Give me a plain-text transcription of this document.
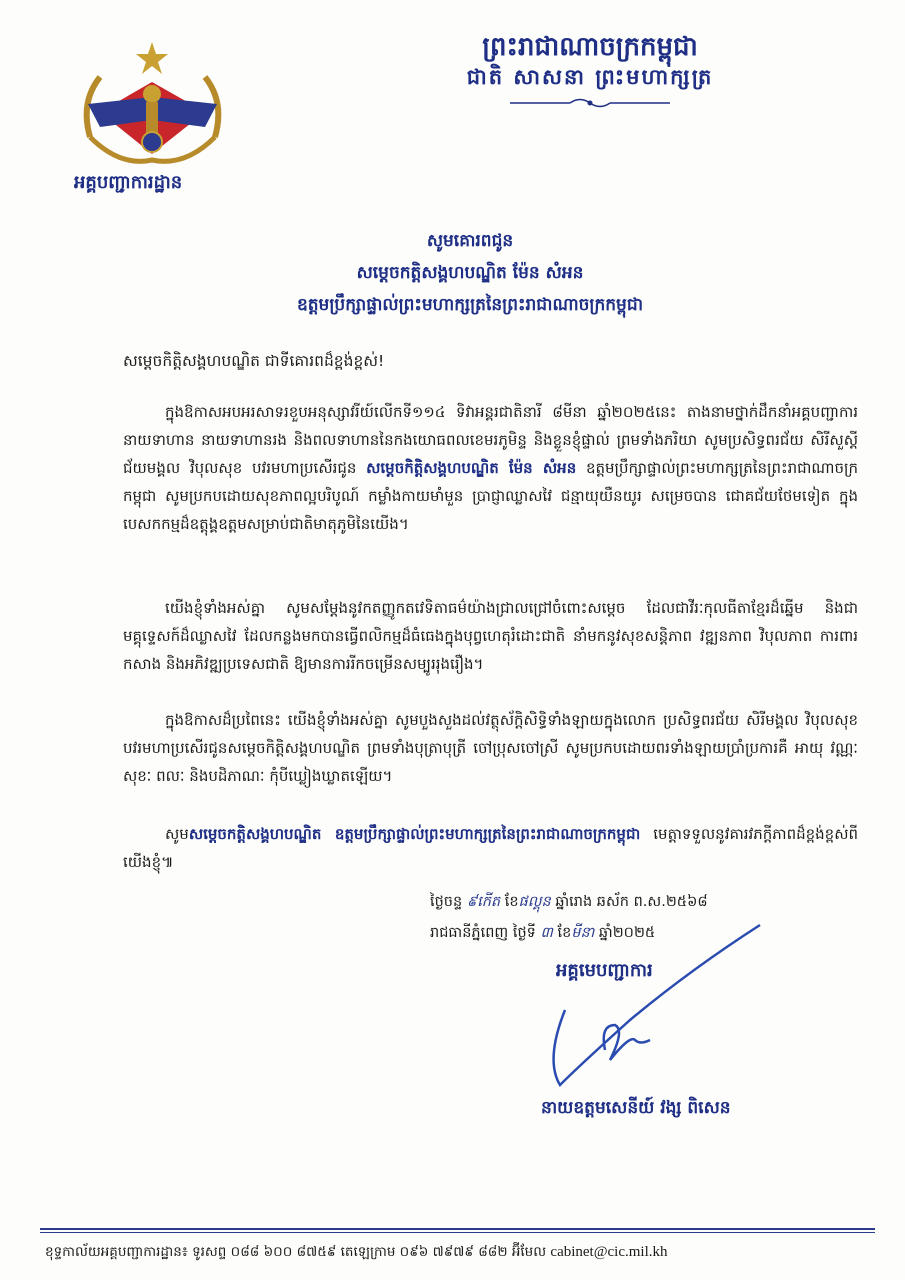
អគ្គបញ្ជាការដ្ឋាន
ព្រះរាជាណាចក្រកម្ពុជា
ជាតិ សាសនា ព្រះមហាក្សត្រ
សូមគោរពជូន
សម្តេចកត្តិសង្គហបណ្ឌិត ម៉ែន សំអន
ឧត្តមប្រឹក្សាផ្ទាល់ព្រះមហាក្សត្រនៃព្រះរាជាណាចក្រកម្ពុជា
សម្តេចកិត្តិសង្គហបណ្ឌិត ជាទីគោរពដ៏ខ្ពង់ខ្ពស់!
ក្នុងឱកាសអបអរសាទរខួបអនុស្សាវរីយ៍លើកទី១១៤ ទិវាអន្តរជាតិនារី ៨មីនា ឆ្នាំ២០២៥នេះ តាងនាមថ្នាក់ដឹកនាំអគ្គបញ្ជាការ នាយទាហាន នាយទាហានរង និងពលទាហាននៃកងយោធពលខេមរភូមិន្ទ និងខ្លួនខ្ញុំផ្ទាល់ ព្រមទាំងភរិយា សូមប្រសិទ្ធពរជ័យ សិរីសួស្តី ជ័យមង្គល វិបុលសុខ បវរមហាប្រសើរជូន សម្តេចកិត្តិសង្គហបណ្ឌិត ម៉ែន សំអន ឧត្តមប្រឹក្សាផ្ទាល់ព្រះមហាក្សត្រនៃព្រះរាជាណាចក្រកម្ពុជា សូមប្រកបដោយសុខភាពល្អបរិបូណ៍ កម្លាំងកាយមាំមួន ប្រាជ្ញាឈ្លាសវៃ ជន្មាយុយឺនយូរ សម្រេចបាន ជោគជ័យថែមទៀត ក្នុងបេសកកម្មដ៏ឧត្តុង្គឧត្តមសម្រាប់ជាតិមាតុភូមិនៃយើង។
យើងខ្ញុំទាំងអស់គ្នា សូមសម្តែងនូវកតញ្ញូកតវេទិតាធម៌យ៉ាងជ្រាលជ្រៅចំពោះសម្តេច ដែលជាវីរៈកុលធីតាខ្មែរដ៏ឆ្នើម និងជាមគ្គុទ្ទេសក៍ដ៏ឈ្លាសវៃ ដែលកន្លងមកបានធ្វើពលិកម្មដ៏ធំធេងក្នុងបុព្វហេតុរំដោះជាតិ នាំមកនូវសុខសន្តិភាព វឌ្ឍនភាព វិបុលភាព ការពារ កសាង និងអភិវឌ្ឍប្រទេសជាតិ ឱ្យមានការរីកចម្រើនសម្បូររុងរឿង។
ក្នុងឱកាសដ៏ប្រពៃនេះ យើងខ្ញុំទាំងអស់គ្នា សូមបួងសួងដល់វត្ថុស័ក្តិសិទ្ធិទាំងឡាយក្នុងលោក ប្រសិទ្ធពរជ័យ សិរីមង្គល វិបុលសុខ បវរមហាប្រសើរជូនសម្តេចកិត្តិសង្គហបណ្ឌិត ព្រមទាំងបុត្រាបុត្រី ចៅប្រុសចៅស្រី សូមប្រកបដោយពរទាំងឡាយប្រាំប្រការគឺ អាយុ វណ្ណៈ សុខៈ ពលៈ និងបដិភាណៈ កុំបីឃ្លៀងឃ្លាតឡើយ។
សូមសម្តេចកត្តិសង្គហបណ្ឌិត ឧត្តមប្រឹក្សាផ្ទាល់ព្រះមហាក្សត្រនៃព្រះរាជាណាចក្រកម្ពុជា មេត្តាទទួលនូវគារវភក្តីភាពដ៏ខ្ពង់ខ្ពស់ពីយើងខ្ញុំ៕
ថ្ងៃចន្ទ ៩កើត ខែផល្គុន ឆ្នាំរោង ឆស័ក ព.ស.២៥៦៨
រាជធានីភ្នំពេញ ថ្ងៃទី ៣ ខែមីនា ឆ្នាំ២០២៥
អគ្គមេបញ្ជាការ
នាយឧត្តមសេនីយ៍ វង្ស ពិសេន
ខុទ្ទកាល័យអគ្គបញ្ជាការដ្ឋាន៖ ទូរសព្ទ ០៨៨ ៦០០ ៨៧៥៩ តេឡេក្រាម ០៩៦ ៧៩៧៩ ៨៨២ អ៊ីមែល cabinet@cic.mil.kh
